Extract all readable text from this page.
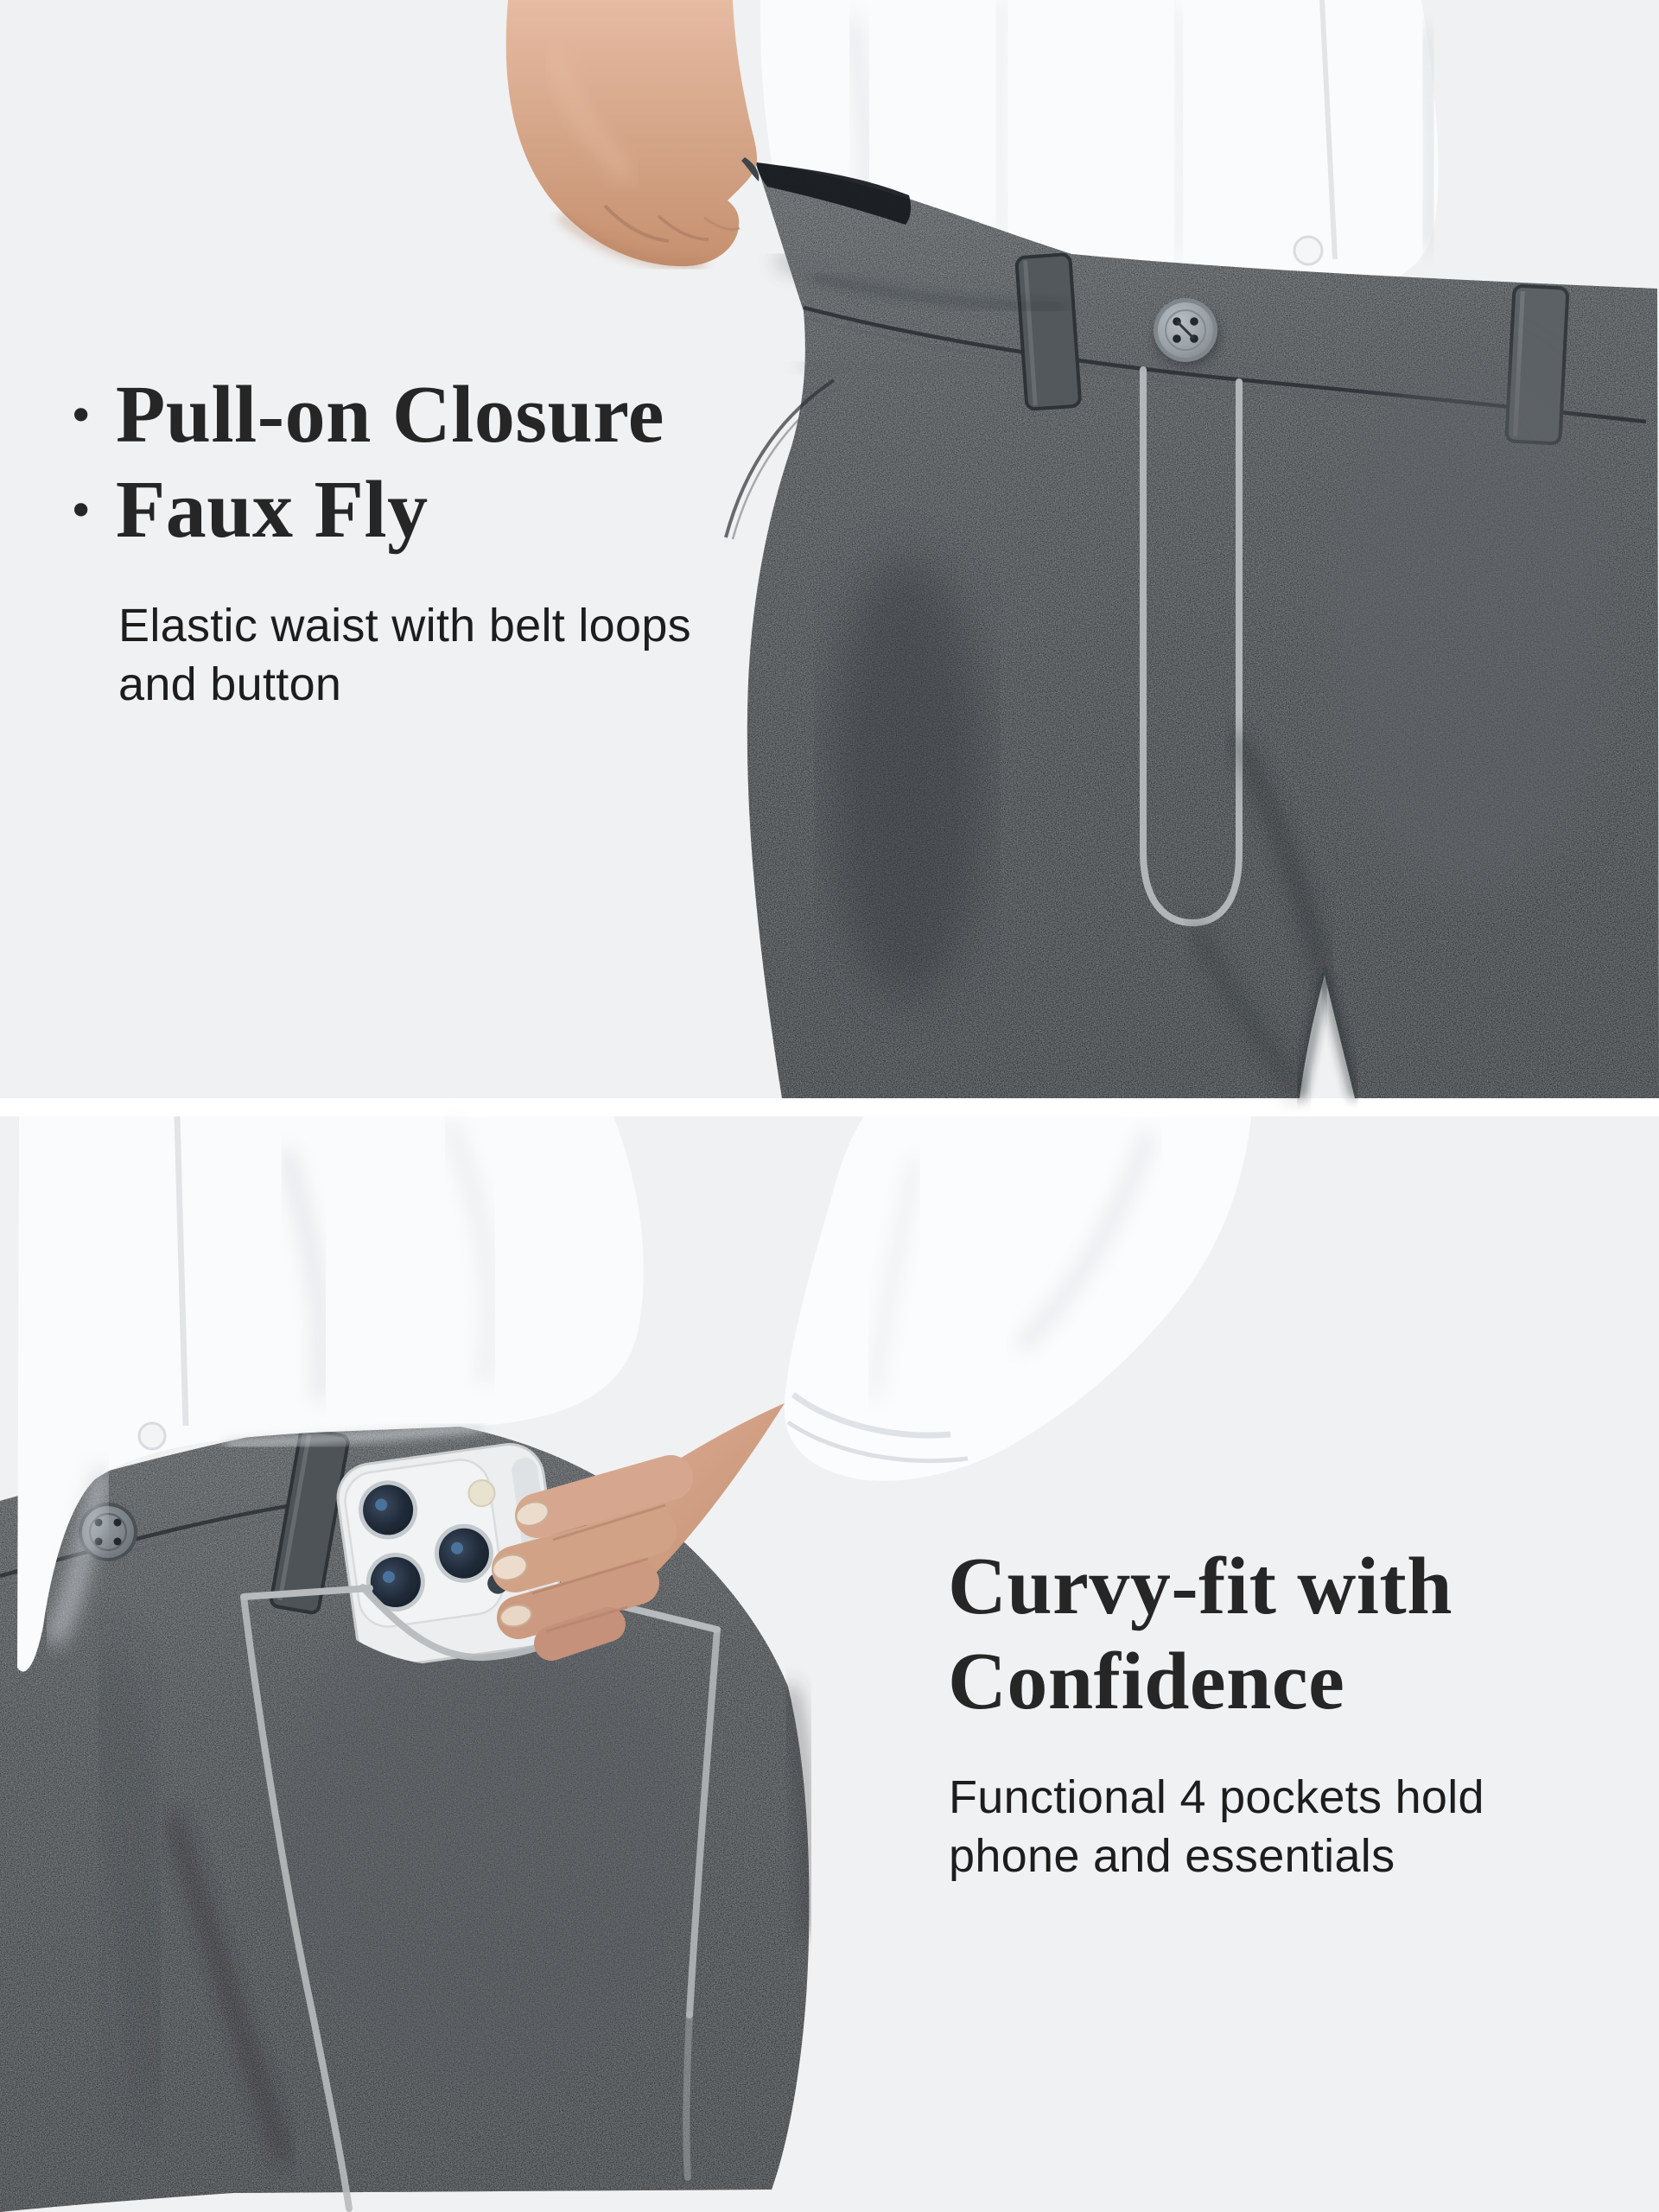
· Pull-on Closure
· Faux Fly
Elastic waist with belt loops
and button
Curvy-fit with
Confidence
Functional 4 pockets hold
phone and essentials
